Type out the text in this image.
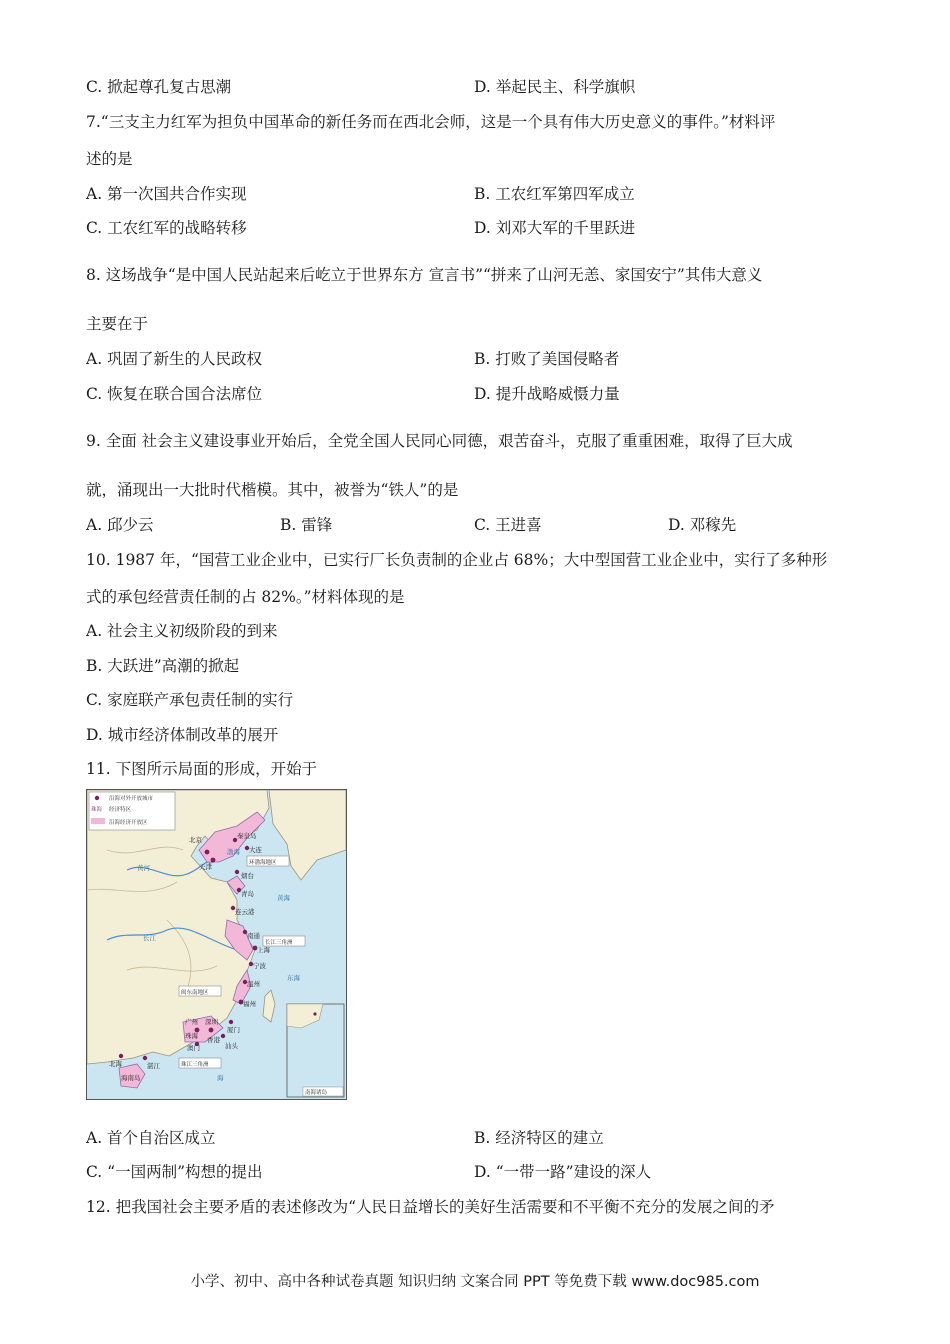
C. 掀起尊孔复古思潮	D. 举起民主、科学旗帜
7.“三支主力红军为担负中国革命的新任务而在西北会师，这是一个具有伟大历史意义的事件。”材料评
述的是
A. 第一次国共合作实现	B. 工农红军第四军成立
C. 工农红军的战略转移	D. 刘邓大军的千里跃进
8. 这场战争“是中国人民站起来后屹立于世界东方 宣言书”“拼来了山河无恙、家国安宁”其伟大意义
主要在于
A. 巩固了新生的人民政权	B. 打败了美国侵略者
C. 恢复在联合国合法席位	D. 提升战略威慑力量
9. 全面 社会主义建设事业开始后，全党全国人民同心同德，艰苦奋斗，克服了重重困难，取得了巨大成
就，涌现出一大批时代楷模。其中，被誉为“铁人”的是
A. 邱少云	B. 雷锋	C. 王进喜	D. 邓稼先
10. 1987 年，“国营工业企业中，已实行厂长负责制的企业占 68%；大中型国营工业企业中，实行了多种形
式的承包经营责任制的占 82%。”材料体现的是
A. 社会主义初级阶段的到来
B. 大跃进”高潮的掀起
C. 家庭联产承包责任制的实行
D. 城市经济体制改革的展开
11. 下图所示局面的形成，开始于
沿海对外开放城市
珠海 经济特区
沿海经济开放区
北京
天津
秦皇岛
大连
烟台
青岛
连云港
南通
上海
宁波
温州
福州
厦门
汕头
深圳
广州
珠海 香港
澳门
湛江
北海
海南岛
环渤海地区
长江三角洲
闽东南地区
珠江三角洲
渤海
黄海
东海
海
长江
黄河
南海诸岛
A. 首个自治区成立	B. 经济特区的建立
C. “一国两制”构想的提出	D. “一带一路”建设的深人
12. 把我国社会主要矛盾的表述修改为“人民日益增长的美好生活需要和不平衡不充分的发展之间的矛
小学、初中、高中各种试卷真题 知识归纳 文案合同 PPT 等免费下载 www.doc985.com
